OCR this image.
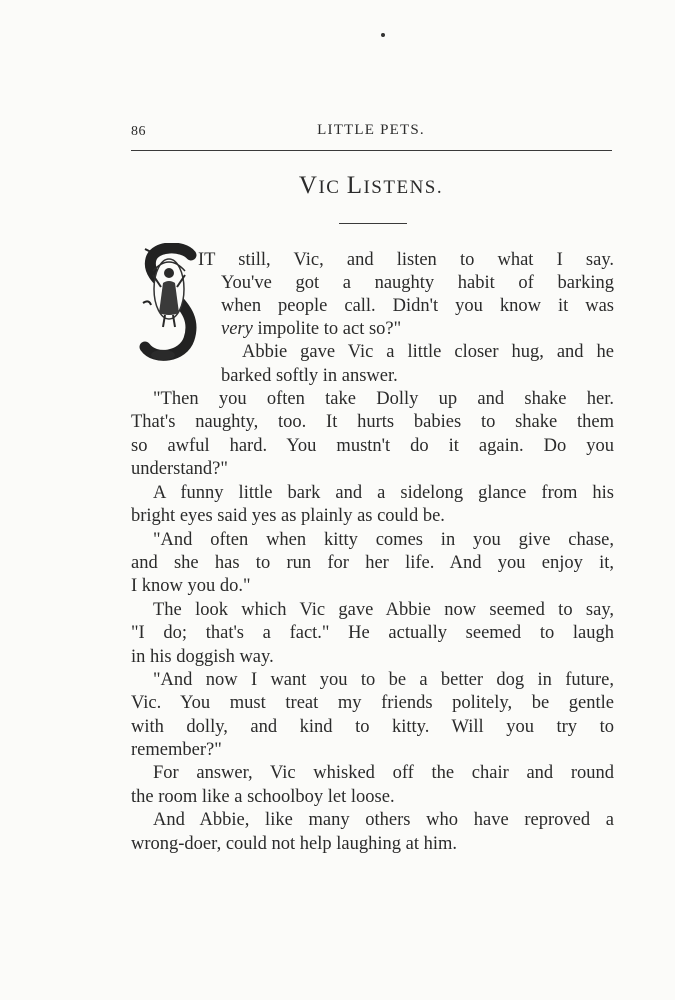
86	LITTLE PETS.
VIC LISTENS.
IT still, Vic, and listen to what I say.
You've got a naughty habit of barking
when people call. Didn't you know it was
very impolite to act so?"
Abbie gave Vic a little closer hug, and he
barked softly in answer.
"Then you often take Dolly up and shake her.
That's naughty, too. It hurts babies to shake them
so awful hard. You mustn't do it again. Do you
understand?"
A funny little bark and a sidelong glance from his
bright eyes said yes as plainly as could be.
"And often when kitty comes in you give chase,
and she has to run for her life. And you enjoy it,
I know you do."
The look which Vic gave Abbie now seemed to say,
"I do; that's a fact." He actually seemed to laugh
in his doggish way.
"And now I want you to be a better dog in future,
Vic. You must treat my friends politely, be gentle
with dolly, and kind to kitty. Will you try to
remember?"
For answer, Vic whisked off the chair and round
the room like a schoolboy let loose.
And Abbie, like many others who have reproved a
wrong-doer, could not help laughing at him.
